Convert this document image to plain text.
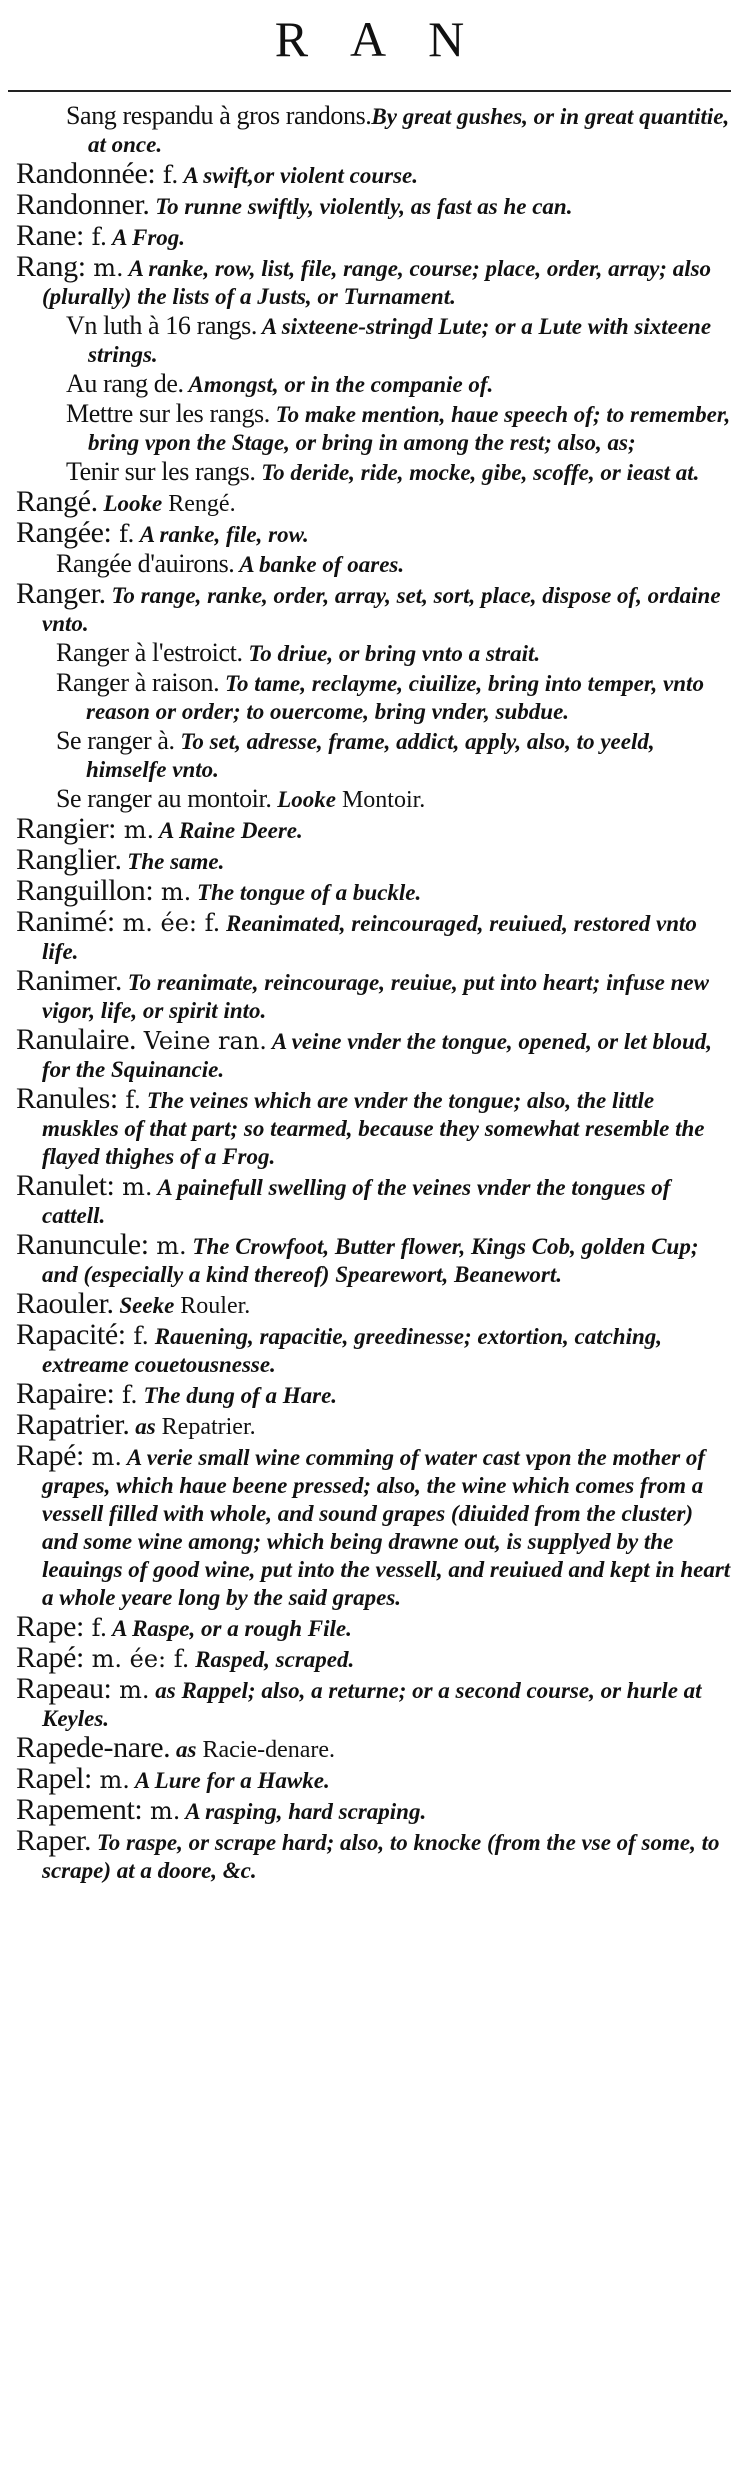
RAN

Sang respandu à gros randons.By great gushes, or in great quantitie, at once.

Randonnée: f. A swift,or violent course.

Randonner. To runne swiftly, violently, as fast as he can.

Rane: f. A Frog.

Rang: m. A ranke, row, list, file, range, course; place, order, array; also (plurally) the lists of a Justs, or Turnament.

Vn luth à 16 rangs. A sixteene-stringd Lute; or a Lute with sixteene strings.

Au rang de. Amongst, or in the companie of.

Mettre sur les rangs. To make mention, haue speech of; to remember, bring vpon the Stage, or bring in among the rest; also, as;

Tenir sur les rangs. To deride, ride, mocke, gibe, scoffe, or ieast at.

Rangé. Looke Rengé.

Rangée: f. A ranke, file, row.

Rangée d'auirons. A banke of oares.

Ranger. To range, ranke, order, array, set, sort, place, dispose of, ordaine vnto.

Ranger à l'estroict. To driue, or bring vnto a strait.

Ranger à raison. To tame, reclayme, ciuilize, bring into temper, vnto reason or order; to ouercome, bring vnder, subdue.

Se ranger à. To set, adresse, frame, addict, apply, also, to yeeld, himselfe vnto.

Se ranger au montoir. Looke Montoir.

Rangier: m. A Raine Deere.

Ranglier. The same.

Ranguillon: m. The tongue of a buckle.

Ranimé: m. ée: f. Reanimated, reincouraged, reuiued, restored vnto life.

Ranimer. To reanimate, reincourage, reuiue, put into heart; infuse new vigor, life, or spirit into.

Ranulaire. Veine ran. A veine vnder the tongue, opened, or let bloud, for the Squinancie.

Ranules: f. The veines which are vnder the tongue; also, the little muskles of that part; so tearmed, because they somewhat resemble the flayed thighes of a Frog.

Ranulet: m. A painefull swelling of the veines vnder the tongues of cattell.

Ranuncule: m. The Crowfoot, Butter flower, Kings Cob, golden Cup; and (especially a kind thereof) Spearewort, Beanewort.

Raouler. Seeke Rouler.

Rapacité: f. Rauening, rapacitie, greedinesse; extortion, catching, extreame couetousnesse.

Rapaire: f. The dung of a Hare.

Rapatrier. as Repatrier.

Rapé: m. A verie small wine comming of water cast vpon the mother of grapes, which haue beene pressed; also, the wine which comes from a vessell filled with whole, and sound grapes (diuided from the cluster) and some wine among; which being drawne out, is supplyed by the leauings of good wine, put into the vessell, and reuiued and kept in heart a whole yeare long by the said grapes.

Rape: f. A Raspe, or a rough File.

Rapé: m. ée: f. Rasped, scraped.

Rapeau: m. as Rappel; also, a returne; or a second course, or hurle at Keyles.

Rapede-nare. as Racie-denare.

Rapel: m. A Lure for a Hawke.

Rapement: m. A rasping, hard scraping.

Raper. To raspe, or scrape hard; also, to knocke (from the vse of some, to scrape) at a doore, &c.
